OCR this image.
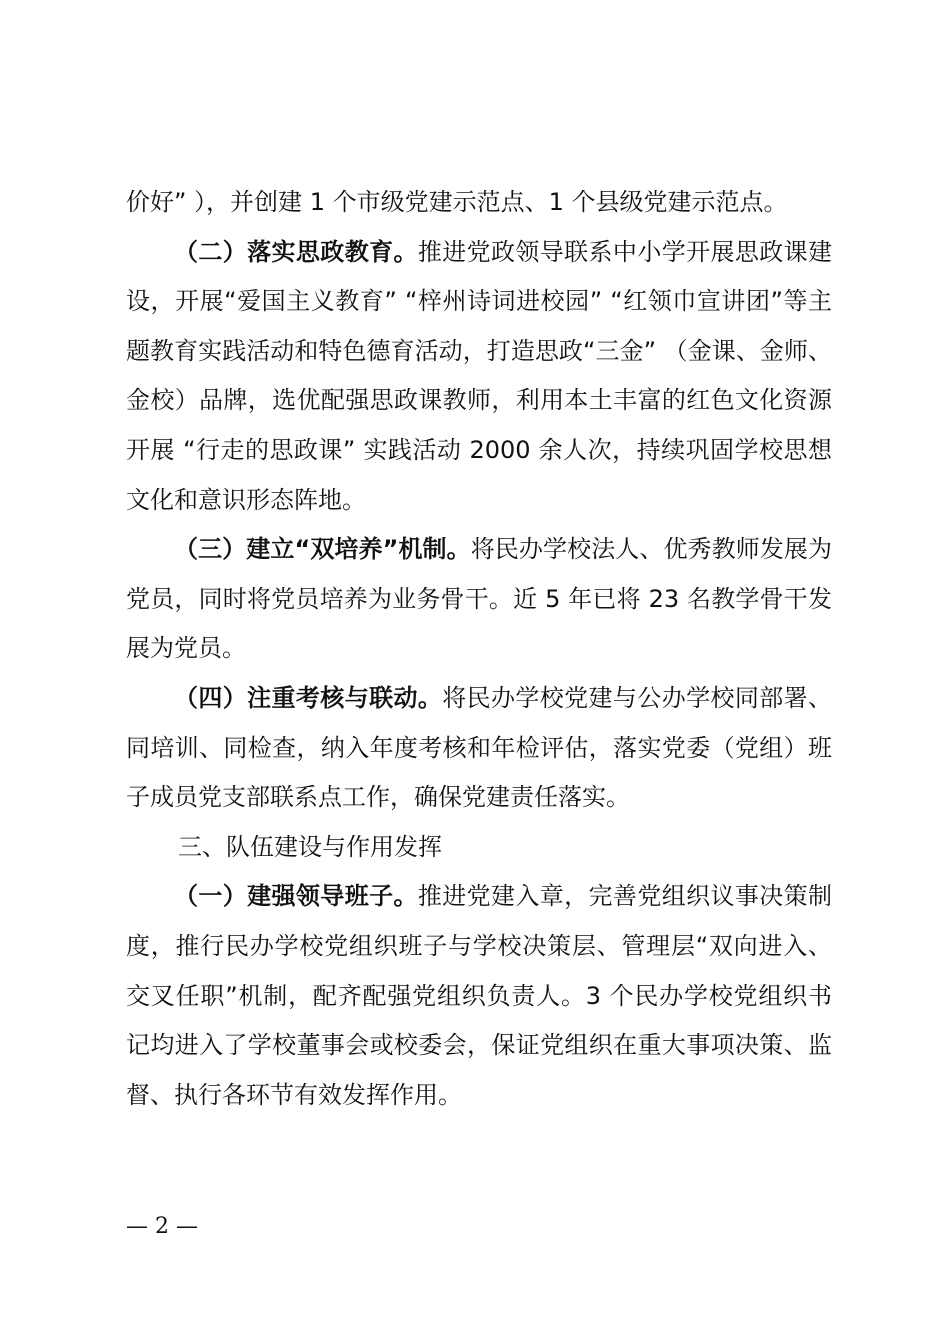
价好” ），并创建 1 个市级党建示范点、1 个县级党建示范点。

（二）落实思政教育。推进党政领导联系中小学开展思政课建设，开展“爱国主义教育” “梓州诗词进校园” “红领巾宣讲团”等主题教育实践活动和特色德育活动，打造思政“三金” （金课、金师、金校）品牌，选优配强思政课教师，利用本土丰富的红色文化资源开展 “行走的思政课” 实践活动 2000 余人次，持续巩固学校思想文化和意识形态阵地。

（三）建立“双培养”机制。将民办学校法人、优秀教师发展为党员，同时将党员培养为业务骨干。近 5 年已将 23 名教学骨干发展为党员。

（四）注重考核与联动。将民办学校党建与公办学校同部署、同培训、同检查，纳入年度考核和年检评估，落实党委（党组）班子成员党支部联系点工作，确保党建责任落实。

三、队伍建设与作用发挥

（一）建强领导班子。推进党建入章，完善党组织议事决策制度，推行民办学校党组织班子与学校决策层、管理层“双向进入、交叉任职”机制，配齐配强党组织负责人。3 个民办学校党组织书记均进入了学校董事会或校委会，保证党组织在重大事项决策、监督、执行各环节有效发挥作用。

— 2 —
